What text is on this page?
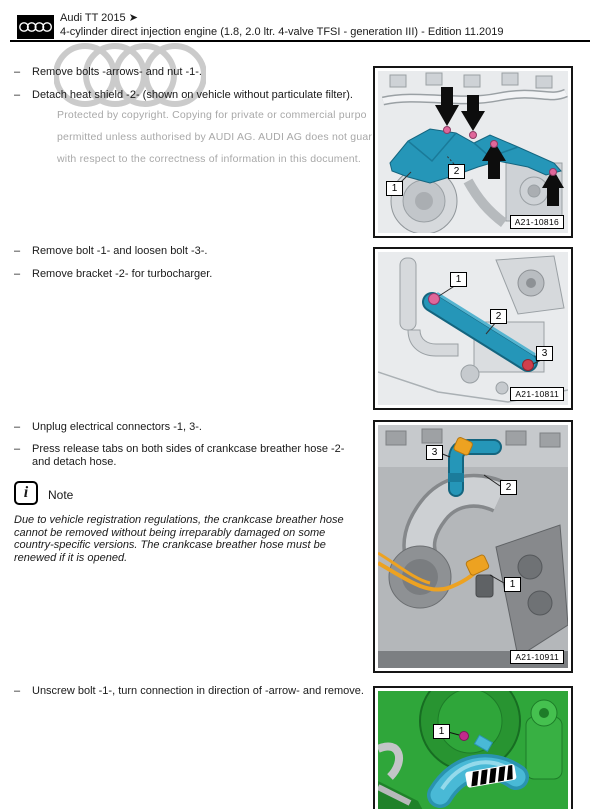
Audi TT 2015 ➤
4-cylinder direct injection engine (1.8, 2.0 ltr. 4-valve TFSI - generation III) - Edition 11.2019
Protected by copyright. Copying for private or commercial purpo
permitted unless authorised by AUDI AG. AUDI AG does not guar
with respect to the correctness of information in this document.
–	Remove bolts -arrows- and nut -1-.
–	Detach heat shield -2- (shown on vehicle without particulate filter).
–	Remove bolt -1- and loosen bolt -3-.
–	Remove bracket -2- for turbocharger.
–	Unplug electrical connectors -1, 3-.
–	Press release tabs on both sides of crankcase breather hose -2- and detach hose.
–	Unscrew bolt -1-, turn connection in direction of -arrow- and remove.
i Note
Due to vehicle registration regulations, the crankcase breather hose cannot be removed without being irreparably damaged on some country-specific versions. The crankcase breather hose must be renewed if it is opened.
1
2
A21-10816
1
2
3
A21-10811
3
2
1
A21-10911
1
